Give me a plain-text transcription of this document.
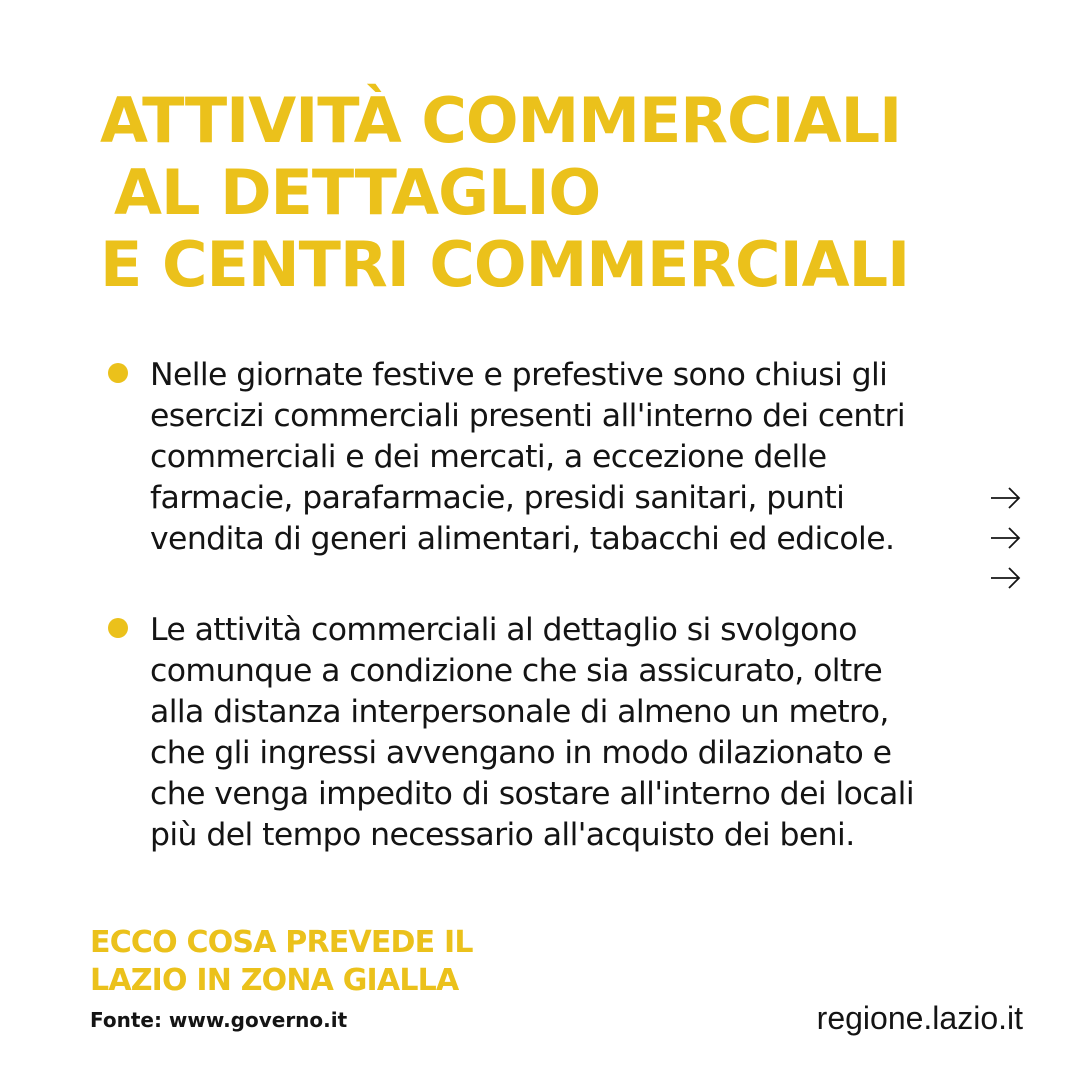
ATTIVITÀ COMMERCIALI
AL DETTAGLIO
E CENTRI COMMERCIALI
Nelle giornate festive e prefestive sono chiusi gli
esercizi commerciali presenti all'interno dei centri
commerciali e dei mercati, a eccezione delle
farmacie, parafarmacie, presidi sanitari, punti
vendita di generi alimentari, tabacchi ed edicole.
Le attività commerciali al dettaglio si svolgono
comunque a condizione che sia assicurato, oltre
alla distanza interpersonale di almeno un metro,
che gli ingressi avvengano in modo dilazionato e
che venga impedito di sostare all'interno dei locali
più del tempo necessario all'acquisto dei beni.
ECCO COSA PREVEDE IL
LAZIO IN ZONA GIALLA
Fonte: www.governo.it	regione.lazio.it
